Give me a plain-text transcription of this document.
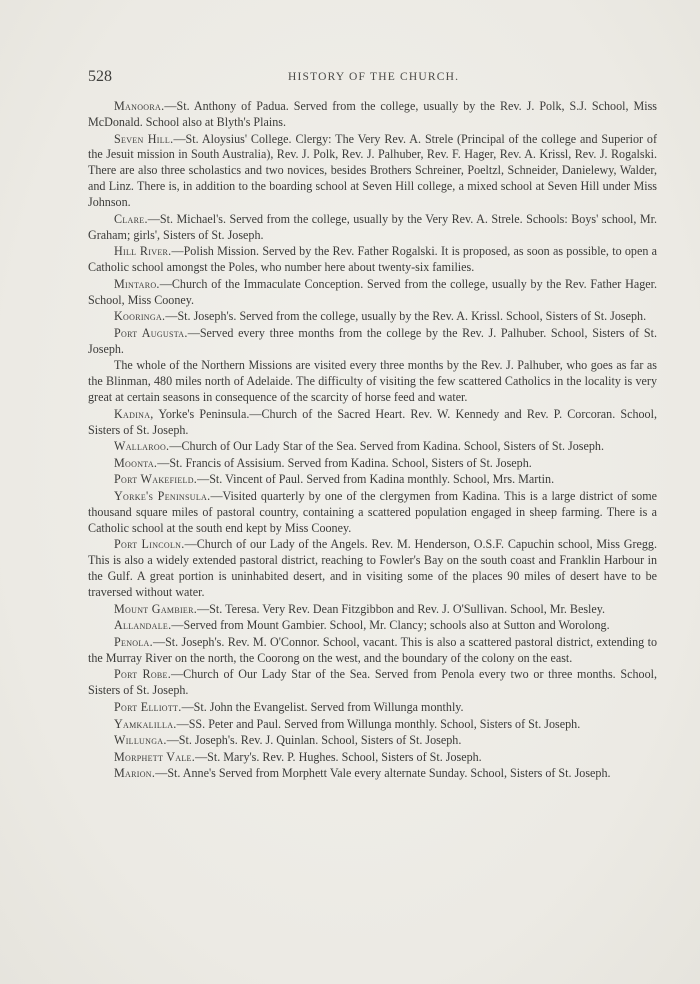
528	HISTORY OF THE CHURCH.

Manoora.—St. Anthony of Padua. Served from the college, usually by the Rev. J. Polk, S.J. School, Miss McDonald. School also at Blyth's Plains.

Seven Hill.—St. Aloysius' College. Clergy: The Very Rev. A. Strele (Principal of the college and Superior of the Jesuit mission in South Australia), Rev. J. Polk, Rev. J. Palhuber, Rev. F. Hager, Rev. A. Krissl, Rev. J. Rogalski. There are also three scholastics and two novices, besides Brothers Schreiner, Poeltzl, Schneider, Danielewy, Walder, and Linz. There is, in addition to the boarding school at Seven Hill college, a mixed school at Seven Hill under Miss Johnson.

Clare.—St. Michael's. Served from the college, usually by the Very Rev. A. Strele. Schools: Boys' school, Mr. Graham; girls', Sisters of St. Joseph.

Hill River.—Polish Mission. Served by the Rev. Father Rogalski. It is proposed, as soon as possible, to open a Catholic school amongst the Poles, who number here about twenty-six families.

Mintaro.—Church of the Immaculate Conception. Served from the college, usually by the Rev. Father Hager. School, Miss Cooney.

Kooringa.—St. Joseph's. Served from the college, usually by the Rev. A. Krissl. School, Sisters of St. Joseph.

Port Augusta.—Served every three months from the college by the Rev. J. Palhuber. School, Sisters of St. Joseph.

The whole of the Northern Missions are visited every three months by the Rev. J. Palhuber, who goes as far as the Blinman, 480 miles north of Adelaide. The difficulty of visiting the few scattered Catholics in the locality is very great at certain seasons in consequence of the scarcity of horse feed and water.

Kadina, Yorke's Peninsula.—Church of the Sacred Heart. Rev. W. Kennedy and Rev. P. Corcoran. School, Sisters of St. Joseph.

Wallaroo.—Church of Our Lady Star of the Sea. Served from Kadina. School, Sisters of St. Joseph.

Moonta.—St. Francis of Assisium. Served from Kadina. School, Sisters of St. Joseph.

Port Wakefield.—St. Vincent of Paul. Served from Kadina monthly. School, Mrs. Martin.

Yorke's Peninsula.—Visited quarterly by one of the clergymen from Kadina. This is a large district of some thousand square miles of pastoral country, containing a scattered population engaged in sheep farming. There is a Catholic school at the south end kept by Miss Cooney.

Port Lincoln.—Church of our Lady of the Angels. Rev. M. Henderson, O.S.F. Capuchin school, Miss Gregg. This is also a widely extended pastoral district, reaching to Fowler's Bay on the south coast and Franklin Harbour in the Gulf. A great portion is uninhabited desert, and in visiting some of the places 90 miles of desert have to be traversed without water.

Mount Gambier.—St. Teresa. Very Rev. Dean Fitzgibbon and Rev. J. O'Sullivan. School, Mr. Besley.

Allandale.—Served from Mount Gambier. School, Mr. Clancy; schools also at Sutton and Worolong.

Penola.—St. Joseph's. Rev. M. O'Connor. School, vacant. This is also a scattered pastoral district, extending to the Murray River on the north, the Coorong on the west, and the boundary of the colony on the east.

Port Robe.—Church of Our Lady Star of the Sea. Served from Penola every two or three months. School, Sisters of St. Joseph.

Port Elliott.—St. John the Evangelist. Served from Willunga monthly.

Yamkalilla.—SS. Peter and Paul. Served from Willunga monthly. School, Sisters of St. Joseph.

Willunga.—St. Joseph's. Rev. J. Quinlan. School, Sisters of St. Joseph.

Morphett Vale.—St. Mary's. Rev. P. Hughes. School, Sisters of St. Joseph.

Marion.—St. Anne's Served from Morphett Vale every alternate Sunday. School, Sisters of St. Joseph.
